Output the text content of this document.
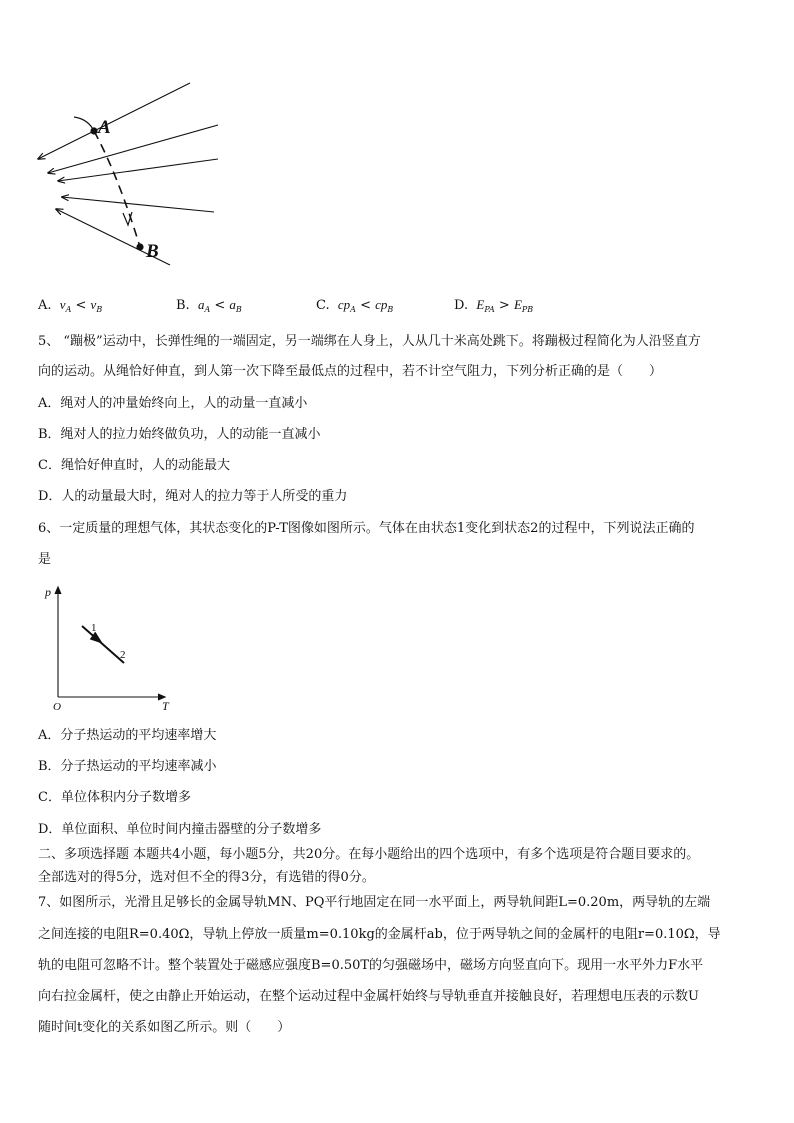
A
B
A. $v_A < v_B$	B. $a_A < a_B$	C. $cp_A < cp_B$	D. $E_{PA} > E_{PB}$
5、 “蹦极”运动中，长弹性绳的一端固定，另一端绑在人身上，人从几十米高处跳下。将蹦极过程简化为人沿竖直方
向的运动。从绳恰好伸直，到人第一次下降至最低点的过程中，若不计空气阻力，下列分析正确的是（　　）
A．绳对人的冲量始终向上，人的动量一直减小
B．绳对人的拉力始终做负功，人的动能一直减小
C．绳恰好伸直时，人的动能最大
D．人的动量最大时，绳对人的拉力等于人所受的重力
6、一定质量的理想气体，其状态变化的P-T图像如图所示。气体在由状态1变化到状态2的过程中，下列说法正确的
是
p
T
O
1
2
A．分子热运动的平均速率增大
B．分子热运动的平均速率减小
C．单位体积内分子数增多
D．单位面积、单位时间内撞击器壁的分子数增多
二、多项选择题 本题共4小题，每小题5分，共20分。在每小题给出的四个选项中，有多个选项是符合题目要求的。
全部选对的得5分，选对但不全的得3分，有选错的得0分。
7、如图所示，光滑且足够长的金属导轨MN、PQ平行地固定在同一水平面上，两导轨间距L=0.20m，两导轨的左端
之间连接的电阻R=0.40Ω，导轨上停放一质量m=0.10kg的金属杆ab，位于两导轨之间的金属杆的电阻r=0.10Ω，导
轨的电阻可忽略不计。整个装置处于磁感应强度B=0.50T的匀强磁场中，磁场方向竖直向下。现用一水平外力F水平
向右拉金属杆，使之由静止开始运动，在整个运动过程中金属杆始终与导轨垂直并接触良好，若理想电压表的示数U
随时间t变化的关系如图乙所示。则（　　）
